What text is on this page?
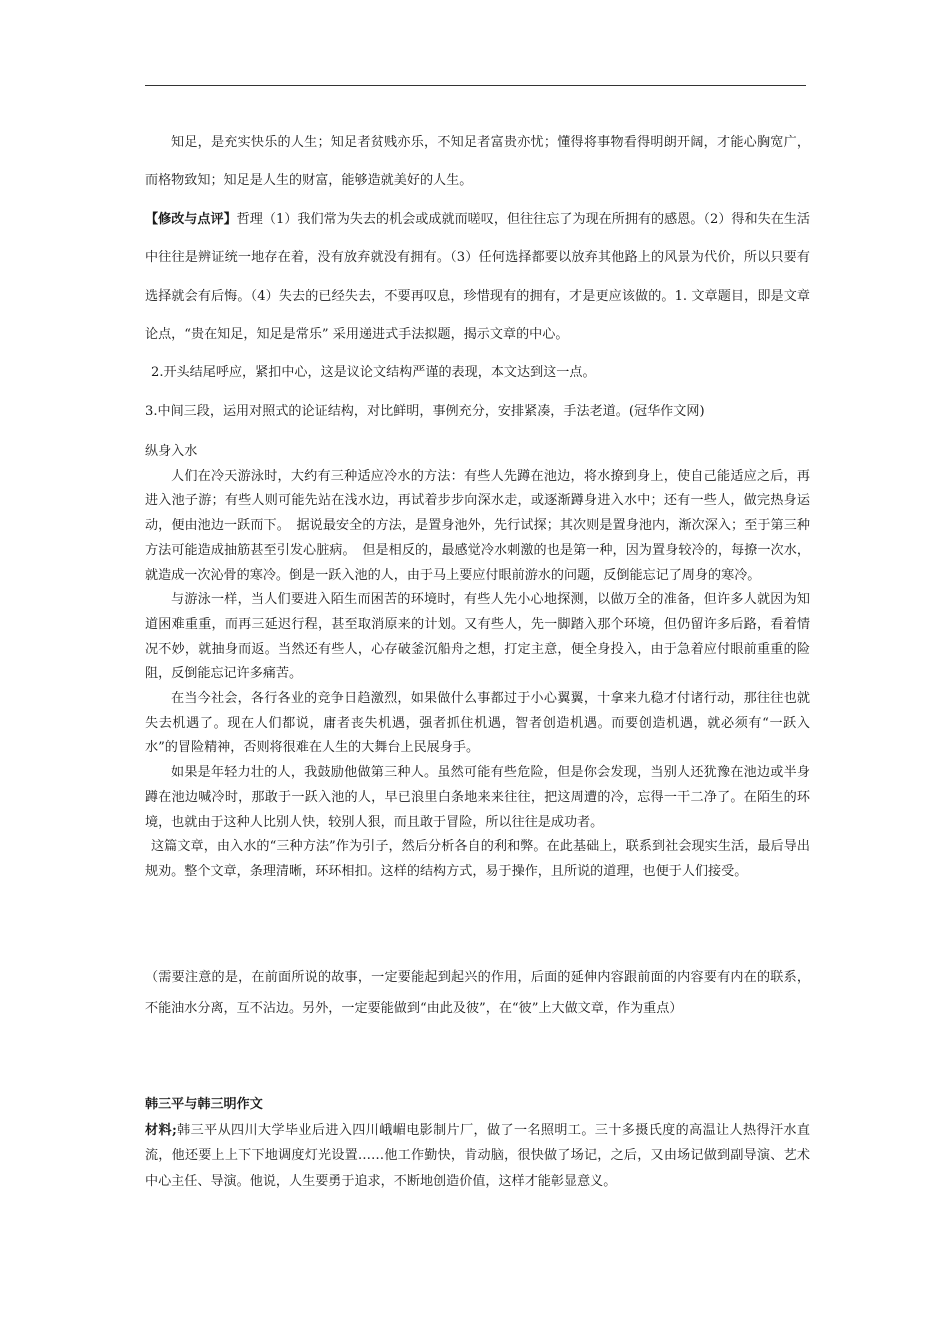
知足，是充实快乐的人生；知足者贫贱亦乐，不知足者富贵亦忧；懂得将事物看得明朗开阔，才能心胸宽广，而格物致知；知足是人生的财富，能够造就美好的人生。

【修改与点评】哲理（1）我们常为失去的机会或成就而嗟叹，但往往忘了为现在所拥有的感恩。（2）得和失在生活中往往是辨证统一地存在着，没有放弃就没有拥有。（3）任何选择都要以放弃其他路上的风景为代价，所以只要有选择就会有后悔。（4）失去的已经失去，不要再叹息，珍惜现有的拥有，才是更应该做的。1. 文章题目，即是文章论点，“贵在知足，知足是常乐” 采用递进式手法拟题，揭示文章的中心。

2.开头结尾呼应，紧扣中心，这是议论文结构严谨的表现，本文达到这一点。

3.中间三段，运用对照式的论证结构，对比鲜明，事例充分，安排紧凑，手法老道。(冠华作文网)

纵身入水

人们在冷天游泳时，大约有三种适应冷水的方法：有些人先蹲在池边，将水撩到身上，使自己能适应之后，再进入池子游；有些人则可能先站在浅水边，再试着步步向深水走，或逐渐蹲身进入水中；还有一些人，做完热身运动，便由池边一跃而下。　据说最安全的方法，是置身池外，先行试探；其次则是置身池内，渐次深入；至于第三种方法可能造成抽筋甚至引发心脏病。　但是相反的，最感觉冷水刺激的也是第一种，因为置身较冷的，每撩一次水，就造成一次沁骨的寒冷。倒是一跃入池的人，由于马上要应付眼前游水的问题，反倒能忘记了周身的寒冷。

与游泳一样，当人们要进入陌生而困苦的环境时，有些人先小心地探测，以做万全的准备，但许多人就因为知道困难重重，而再三延迟行程，甚至取消原来的计划。又有些人，先一脚踏入那个环境，但仍留许多后路，看着情况不妙，就抽身而返。当然还有些人，心存破釜沉船舟之想，打定主意，便全身投入，由于急着应付眼前重重的险阻，反倒能忘记许多痛苦。

在当今社会，各行各业的竞争日趋激烈，如果做什么事都过于小心翼翼，十拿来九稳才付诸行动，那往往也就失去机遇了。现在人们都说，庸者丧失机遇，强者抓住机遇，智者创造机遇。而要创造机遇，就必须有“一跃入水”的冒险精神，否则将很难在人生的大舞台上民展身手。

如果是年轻力壮的人，我鼓励他做第三种人。虽然可能有些危险，但是你会发现，当别人还犹豫在池边或半身蹲在池边喊冷时，那敢于一跃入池的人，早已浪里白条地来来往往，把这周遭的冷，忘得一干二净了。在陌生的环境，也就由于这种人比别人快，较别人狠，而且敢于冒险，所以往往是成功者。

这篇文章，由入水的“三种方法”作为引子，然后分析各自的利和弊。在此基础上，联系到社会现实生活，最后导出规劝。整个文章，条理清晰，环环相扣。这样的结构方式，易于操作，且所说的道理，也便于人们接受。

（需要注意的是，在前面所说的故事，一定要能起到起兴的作用，后面的延伸内容跟前面的内容要有内在的联系，不能油水分离，互不沾边。另外，一定要能做到“由此及彼”，在“彼”上大做文章，作为重点）

韩三平与韩三明作文

材料;韩三平从四川大学毕业后进入四川峨嵋电影制片厂，做了一名照明工。三十多摄氏度的高温让人热得汗水直流，他还要上上下下地调度灯光设置……他工作勤快，肯动脑，很快做了场记，之后，又由场记做到副导演、艺术中心主任、导演。他说，人生要勇于追求，不断地创造价值，这样才能彰显意义。
